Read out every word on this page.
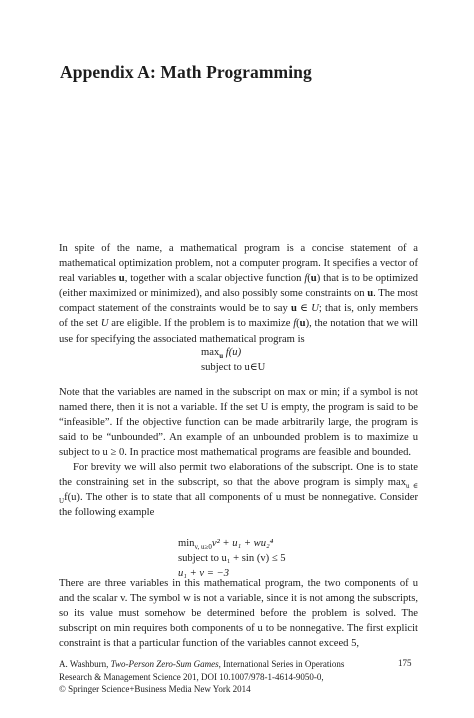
Appendix A: Math Programming

In spite of the name, a mathematical program is a concise statement of a mathematical optimization problem, not a computer program. It specifies a vector of real variables u, together with a scalar objective function f(u) that is to be optimized (either maximized or minimized), and also possibly some constraints on u. The most compact statement of the constraints would be to say u ∈ U; that is, only members of the set U are eligible. If the problem is to maximize f(u), the notation that we will use for specifying the associated mathematical program is

$\max_u f(u)$
subject to u∈U

Note that the variables are named in the subscript on max or min; if a symbol is not named there, then it is not a variable. If the set U is empty, the program is said to be “infeasible”. If the objective function can be made arbitrarily large, the program is said to be “unbounded”. An example of an unbounded problem is to maximize u subject to u ≥ 0. In practice most mathematical programs are feasible and bounded.

For brevity we will also permit two elaborations of the subscript. One is to state the constraining set in the subscript, so that the above program is simply $\max_{u \in U}f(u)$. The other is to state that all components of u must be nonnegative. Consider the following example

$\min_{v, u\ge 0}v^2 + u_1 + wu_2^4$
subject to u₁ + sin (v) ≤ 5
u₁ + v = −3

There are three variables in this mathematical program, the two components of u and the scalar v. The symbol w is not a variable, since it is not among the subscripts, so its value must somehow be determined before the problem is solved. The subscript on min requires both components of u to be nonnegative. The first explicit constraint is that a particular function of the variables cannot exceed 5,

A. Washburn, Two-Person Zero-Sum Games, International Series in Operations
Research & Management Science 201, DOI 10.1007/978-1-4614-9050-0,
© Springer Science+Business Media New York 2014
175
